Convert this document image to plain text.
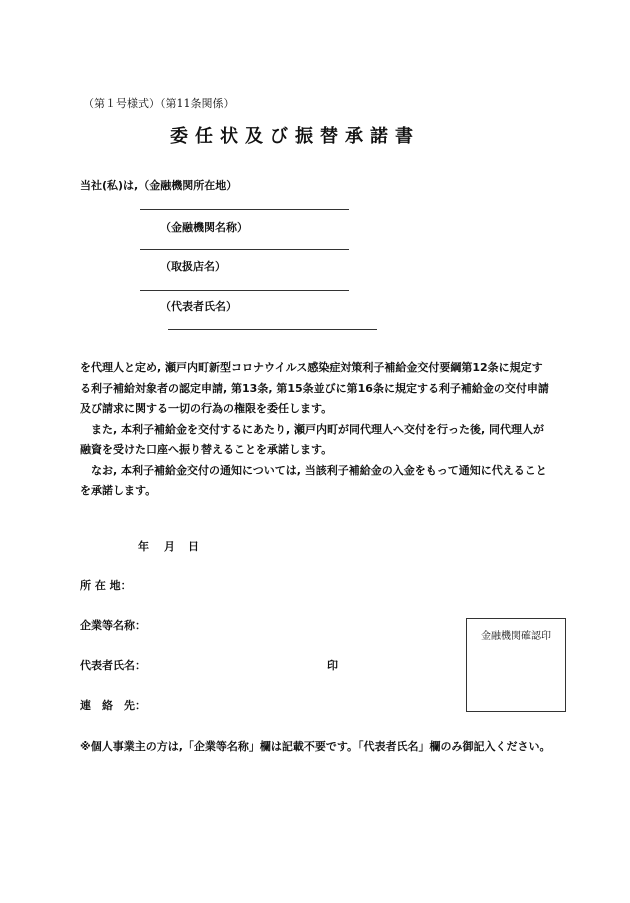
（第１号様式）（第11条関係）
委任状及び振替承諾書
当社(私)は,（金融機関所在地）
（金融機関名称）
（取扱店名）
（代表者氏名）

を代理人と定め, 瀬戸内町新型コロナウイルス感染症対策利子補給金交付要綱第12条に規定する利子補給対象者の認定申請, 第13条, 第15条並びに第16条に規定する利子補給金の交付申請及び請求に関する一切の行為の権限を委任します。

また, 本利子補給金を交付するにあたり, 瀬戸内町が同代理人へ交付を行った後, 同代理人が融資を受けた口座へ振り替えることを承諾します。

なお, 本利子補給金交付の通知については, 当該利子補給金の入金をもって通知に代えることを承諾します。

年 月 日
所 在 地：
企業等名称：
代表者氏名：	印
連　絡　先：
金融機関確認印
※個人事業主の方は,「企業等名称」欄は記載不要です。「代表者氏名」欄のみ御記入ください。
